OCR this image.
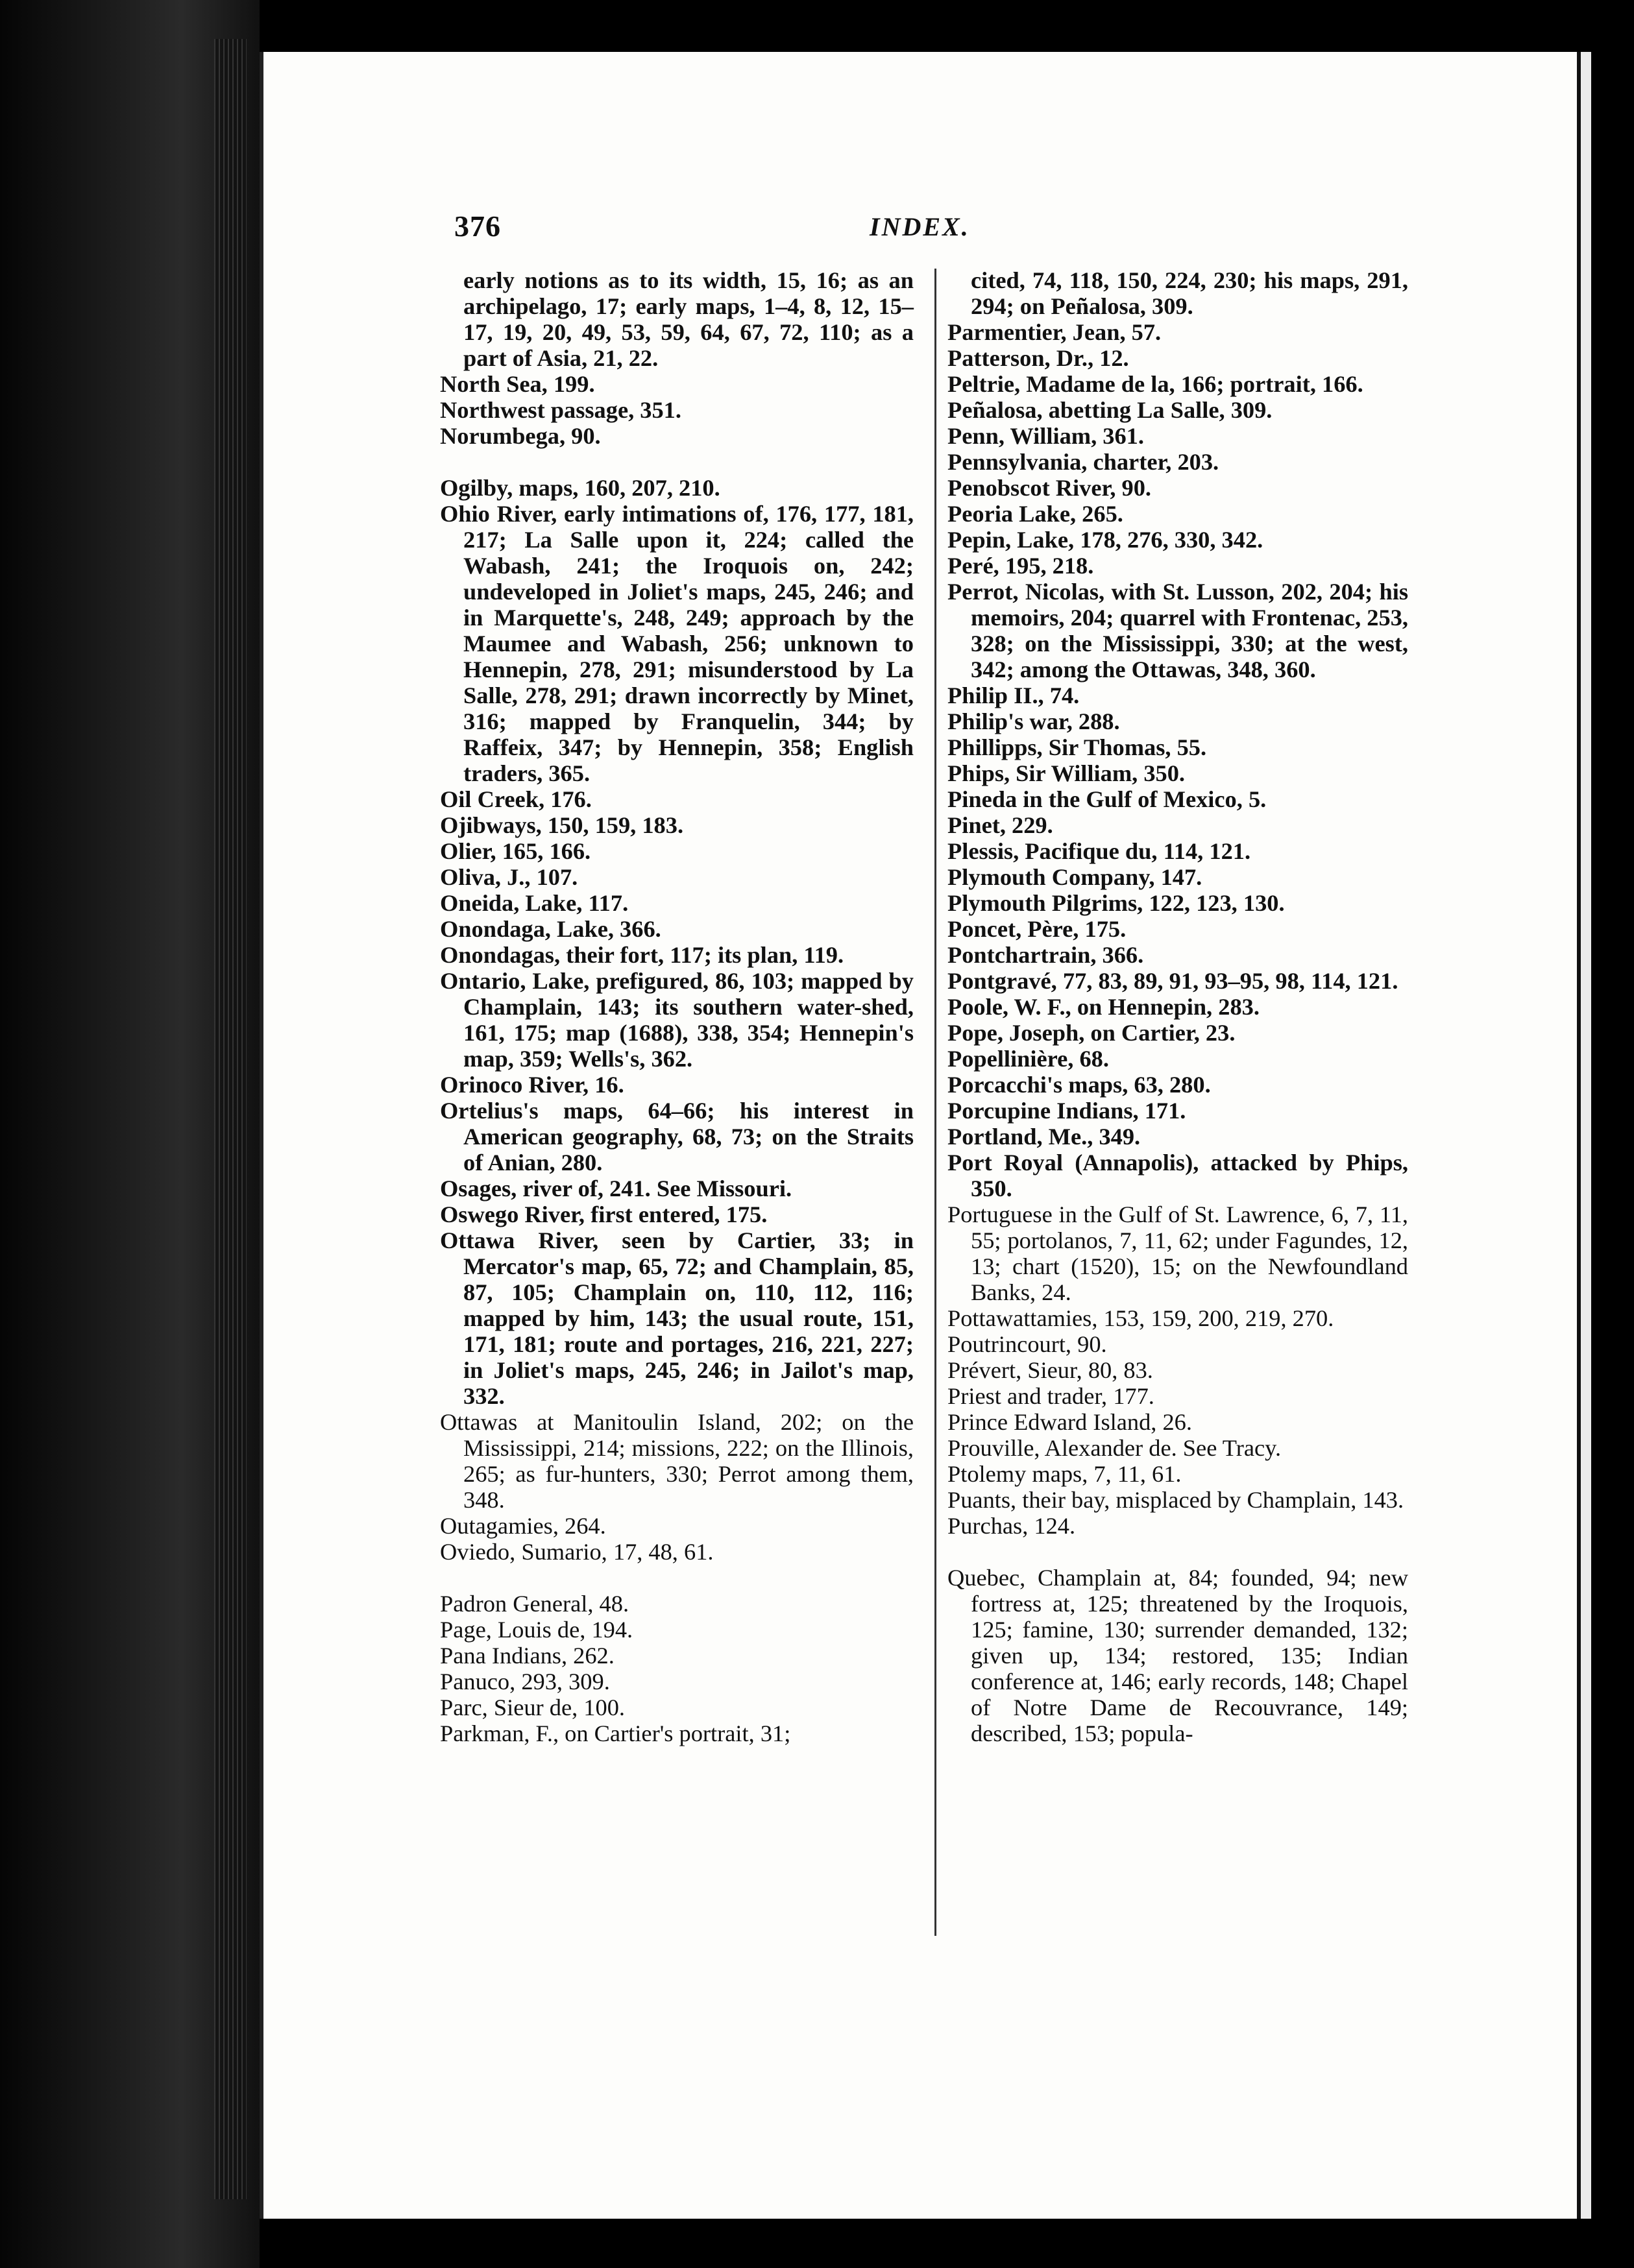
376	INDEX.
early notions as to its width, 15, 16; as an archipelago, 17; early maps, 1–4, 8, 12, 15–17, 19, 20, 49, 53, 59, 64, 67, 72, 110; as a part of Asia, 21, 22.
North Sea, 199.
Northwest passage, 351.
Norumbega, 90.
Ogilby, maps, 160, 207, 210.
Ohio River, early intimations of, 176, 177, 181, 217; La Salle upon it, 224; called the Wabash, 241; the Iroquois on, 242; undeveloped in Joliet's maps, 245, 246; and in Marquette's, 248, 249; approach by the Maumee and Wabash, 256; unknown to Hennepin, 278, 291; misunderstood by La Salle, 278, 291; drawn incorrectly by Minet, 316; mapped by Franquelin, 344; by Raffeix, 347; by Hennepin, 358; English traders, 365.
Oil Creek, 176.
Ojibways, 150, 159, 183.
Olier, 165, 166.
Oliva, J., 107.
Oneida, Lake, 117.
Onondaga, Lake, 366.
Onondagas, their fort, 117; its plan, 119.
Ontario, Lake, prefigured, 86, 103; mapped by Champlain, 143; its southern water-shed, 161, 175; map (1688), 338, 354; Hennepin's map, 359; Wells's, 362.
Orinoco River, 16.
Ortelius's maps, 64–66; his interest in American geography, 68, 73; on the Straits of Anian, 280.
Osages, river of, 241. See Missouri.
Oswego River, first entered, 175.
Ottawa River, seen by Cartier, 33; in Mercator's map, 65, 72; and Champlain, 85, 87, 105; Champlain on, 110, 112, 116; mapped by him, 143; the usual route, 151, 171, 181; route and portages, 216, 221, 227; in Joliet's maps, 245, 246; in Jailot's map, 332.
Ottawas at Manitoulin Island, 202; on the Mississippi, 214; missions, 222; on the Illinois, 265; as fur-hunters, 330; Perrot among them, 348.
Outagamies, 264.
Oviedo, Sumario, 17, 48, 61.
Padron General, 48.
Page, Louis de, 194.
Pana Indians, 262.
Panuco, 293, 309.
Parc, Sieur de, 100.
Parkman, F., on Cartier's portrait, 31;
cited, 74, 118, 150, 224, 230; his maps, 291, 294; on Peñalosa, 309.
Parmentier, Jean, 57.
Patterson, Dr., 12.
Peltrie, Madame de la, 166; portrait, 166.
Peñalosa, abetting La Salle, 309.
Penn, William, 361.
Pennsylvania, charter, 203.
Penobscot River, 90.
Peoria Lake, 265.
Pepin, Lake, 178, 276, 330, 342.
Peré, 195, 218.
Perrot, Nicolas, with St. Lusson, 202, 204; his memoirs, 204; quarrel with Frontenac, 253, 328; on the Mississippi, 330; at the west, 342; among the Ottawas, 348, 360.
Philip II., 74.
Philip's war, 288.
Phillipps, Sir Thomas, 55.
Phips, Sir William, 350.
Pineda in the Gulf of Mexico, 5.
Pinet, 229.
Plessis, Pacifique du, 114, 121.
Plymouth Company, 147.
Plymouth Pilgrims, 122, 123, 130.
Poncet, Père, 175.
Pontchartrain, 366.
Pontgravé, 77, 83, 89, 91, 93–95, 98, 114, 121.
Poole, W. F., on Hennepin, 283.
Pope, Joseph, on Cartier, 23.
Popellinière, 68.
Porcacchi's maps, 63, 280.
Porcupine Indians, 171.
Portland, Me., 349.
Port Royal (Annapolis), attacked by Phips, 350.
Portuguese in the Gulf of St. Lawrence, 6, 7, 11, 55; portolanos, 7, 11, 62; under Fagundes, 12, 13; chart (1520), 15; on the Newfoundland Banks, 24.
Pottawattamies, 153, 159, 200, 219, 270.
Poutrincourt, 90.
Prévert, Sieur, 80, 83.
Priest and trader, 177.
Prince Edward Island, 26.
Prouville, Alexander de. See Tracy.
Ptolemy maps, 7, 11, 61.
Puants, their bay, misplaced by Champlain, 143.
Purchas, 124.
Quebec, Champlain at, 84; founded, 94; new fortress at, 125; threatened by the Iroquois, 125; famine, 130; surrender demanded, 132; given up, 134; restored, 135; Indian conference at, 146; early records, 148; Chapel of Notre Dame de Recouvrance, 149; described, 153; popula-
